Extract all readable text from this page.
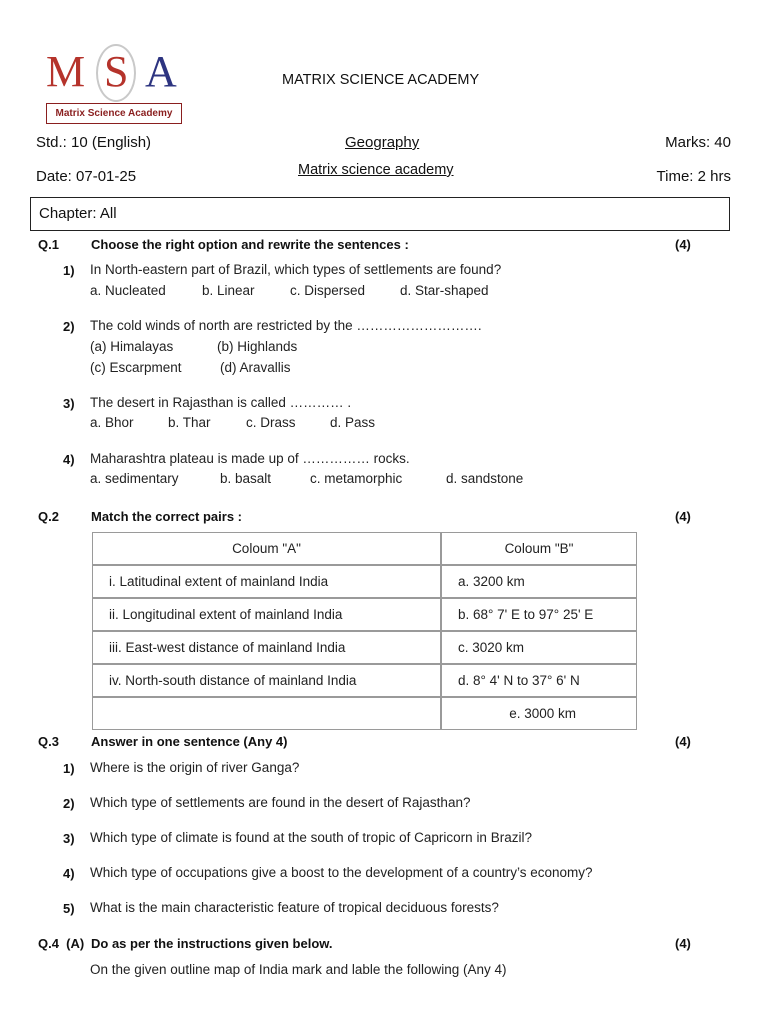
M S A
Matrix Science Academy
MATRIX SCIENCE ACADEMY
Std.: 10 (English)	Geography	Marks: 40
Date: 07-01-25	Matrix science academy	Time: 2 hrs
Chapter: All
Q.1 Choose the right option and rewrite the sentences :	(4)
1) In North-eastern part of Brazil, which types of settlements are found?
a. Nucleated	b. Linear	c. Dispersed	d. Star-shaped
2) The cold winds of north are restricted by the ……………………….
(a) Himalayas	(b) Highlands
(c) Escarpment	(d) Aravallis
3) The desert in Rajasthan is called ………… .
a. Bhor	b. Thar	c. Drass	d. Pass
4) Maharashtra plateau is made up of …………… rocks.
a. sedimentary	b. basalt	c. metamorphic	d. sandstone
Q.2 Match the correct pairs :	(4)
Coloum "A"	Coloum "B"
i. Latitudinal extent of mainland India	a. 3200 km
ii. Longitudinal extent of mainland India	b. 68° 7' E to 97° 25' E
iii. East-west distance of mainland India	c. 3020 km
iv. North-south distance of mainland India	d. 8° 4' N to 37° 6' N
	e. 3000 km
Q.3 Answer in one sentence (Any 4)	(4)
1) Where is the origin of river Ganga?
2) Which type of settlements are found in the desert of Rajasthan?
3) Which type of climate is found at the south of tropic of Capricorn in Brazil?
4) Which type of occupations give a boost to the development of a country’s economy?
5) What is the main characteristic feature of tropical deciduous forests?
Q.4  (A) Do as per the instructions given below.	(4)
On the given outline map of India mark and lable the following (Any 4)
